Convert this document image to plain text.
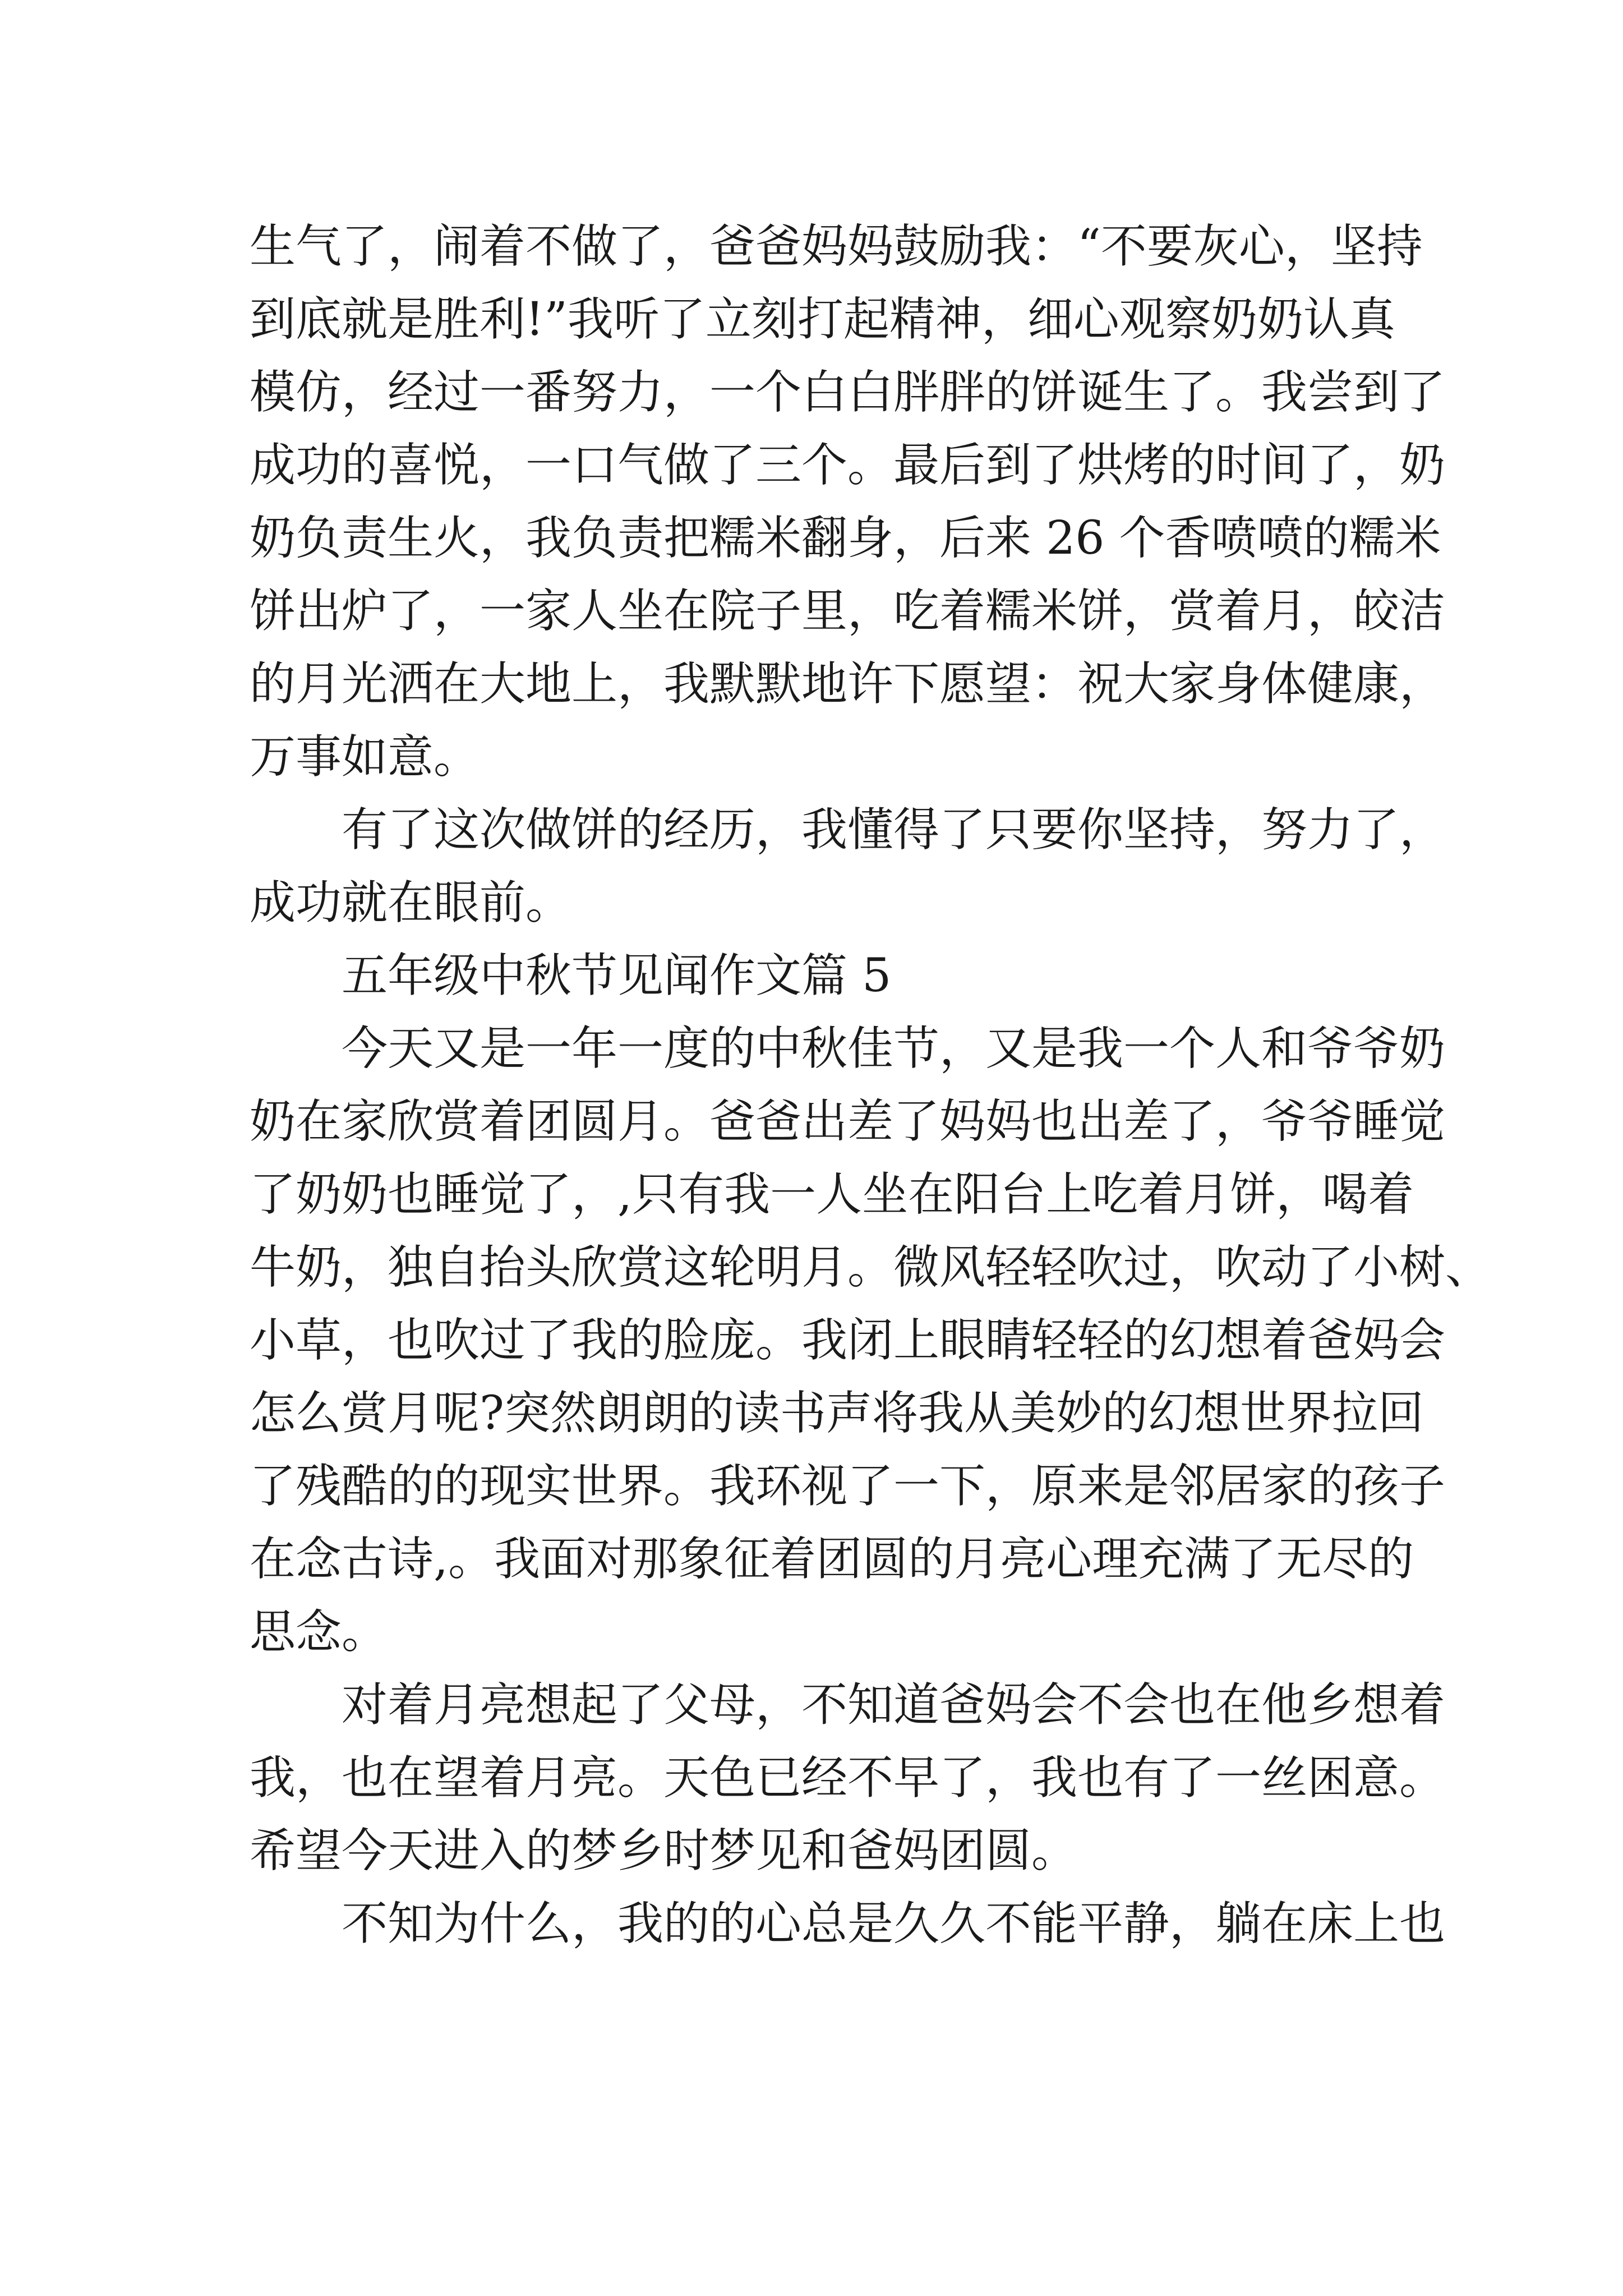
生气了，闹着不做了，爸爸妈妈鼓励我：“不要灰心，坚持
到底就是胜利!”我听了立刻打起精神，细心观察奶奶认真
模仿，经过一番努力，一个白白胖胖的饼诞生了。我尝到了
成功的喜悦，一口气做了三个。最后到了烘烤的时间了，奶
奶负责生火，我负责把糯米翻身，后来 26 个香喷喷的糯米
饼出炉了，一家人坐在院子里，吃着糯米饼，赏着月，皎洁
的月光洒在大地上，我默默地许下愿望：祝大家身体健康，
万事如意。
有了这次做饼的经历，我懂得了只要你坚持，努力了，
成功就在眼前。
五年级中秋节见闻作文篇 5
今天又是一年一度的中秋佳节，又是我一个人和爷爷奶
奶在家欣赏着团圆月。爸爸出差了妈妈也出差了，爷爷睡觉
了奶奶也睡觉了，,只有我一人坐在阳台上吃着月饼，喝着
牛奶，独自抬头欣赏这轮明月。微风轻轻吹过，吹动了小树、
小草，也吹过了我的脸庞。我闭上眼睛轻轻的幻想着爸妈会
怎么赏月呢?突然朗朗的读书声将我从美妙的幻想世界拉回
了残酷的的现实世界。我环视了一下，原来是邻居家的孩子
在念古诗,。我面对那象征着团圆的月亮心理充满了无尽的
思念。
对着月亮想起了父母，不知道爸妈会不会也在他乡想着
我，也在望着月亮。天色已经不早了，我也有了一丝困意。
希望今天进入的梦乡时梦见和爸妈团圆。
不知为什么，我的的心总是久久不能平静，躺在床上也
